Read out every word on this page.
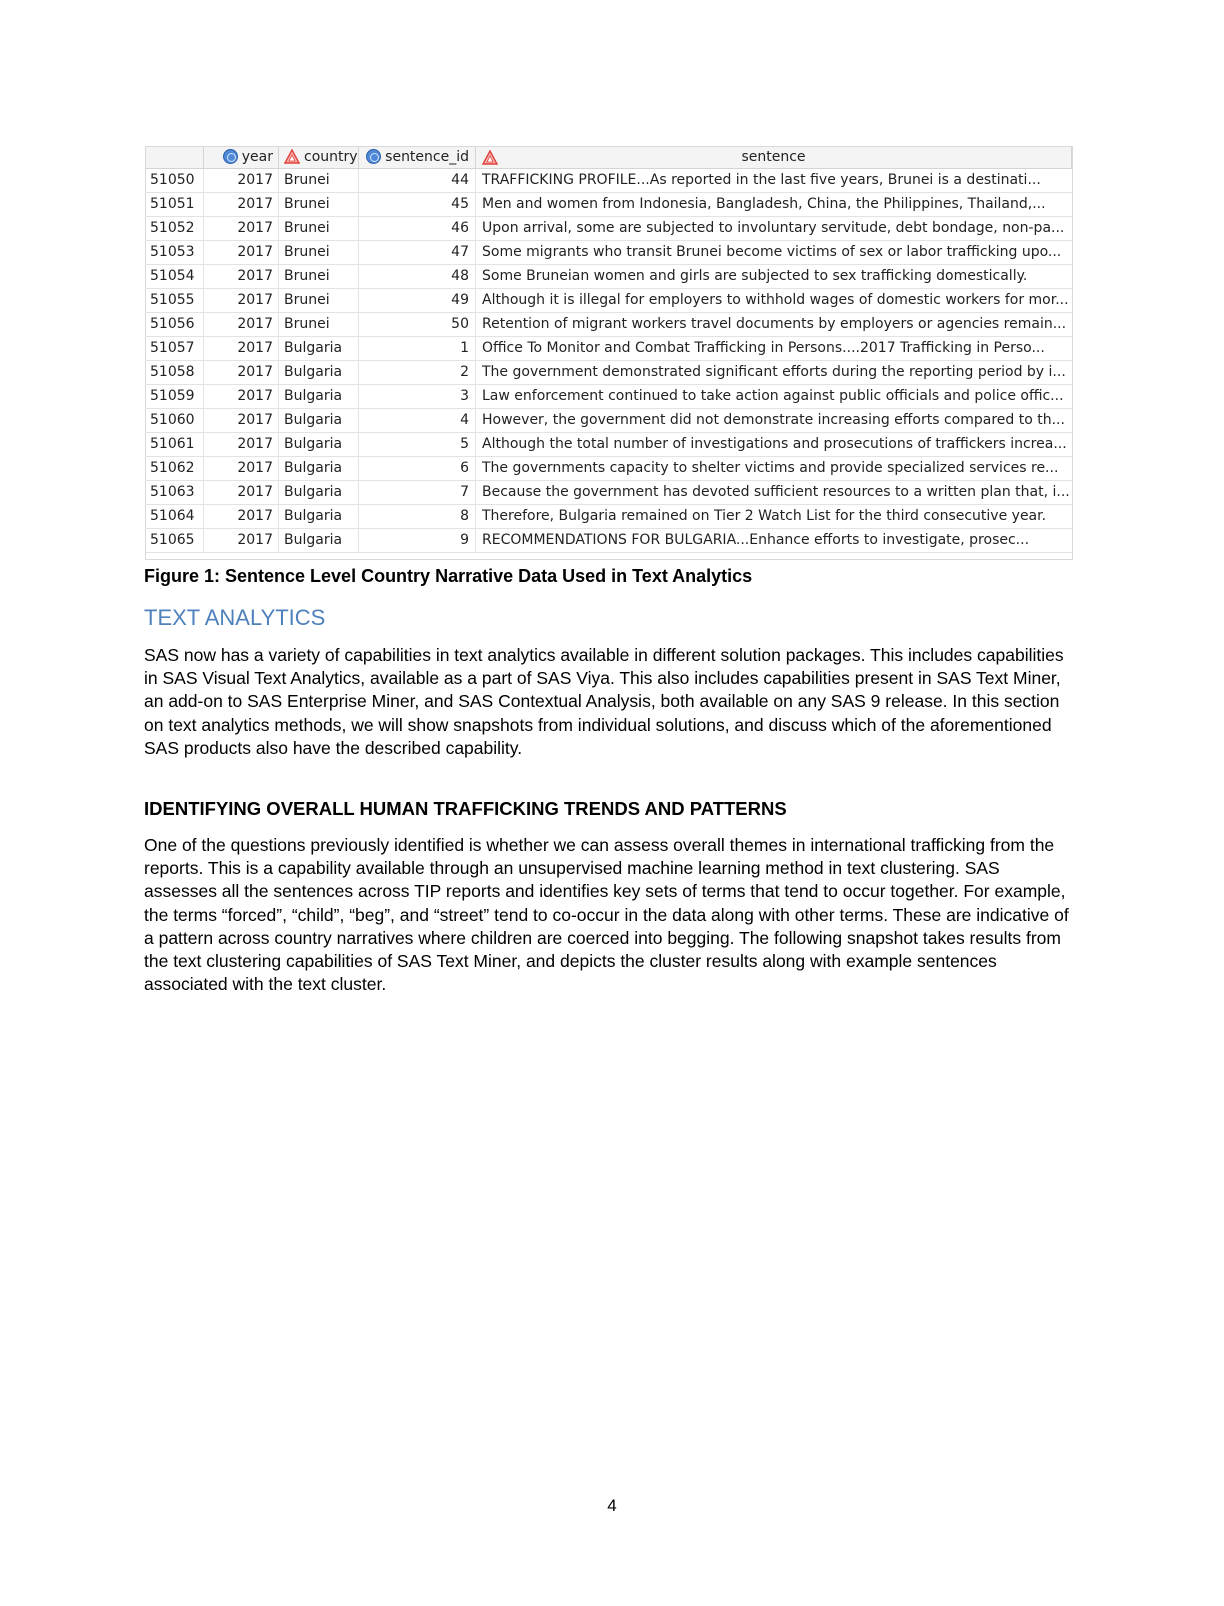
year	country	sentence_id	sentence
51050	2017 Brunei	44 TRAFFICKING PROFILE...As reported in the last five years, Brunei is a destinati...
51051	2017 Brunei	45 Men and women from Indonesia, Bangladesh, China, the Philippines, Thailand,...
51052	2017 Brunei	46 Upon arrival, some are subjected to involuntary servitude, debt bondage, non-pa...
51053	2017 Brunei	47 Some migrants who transit Brunei become victims of sex or labor trafficking upo...
51054	2017 Brunei	48 Some Bruneian women and girls are subjected to sex trafficking domestically.
51055	2017 Brunei	49 Although it is illegal for employers to withhold wages of domestic workers for mor...
51056	2017 Brunei	50 Retention of migrant workers travel documents by employers or agencies remain...
51057	2017 Bulgaria	1 Office To Monitor and Combat Trafficking in Persons....2017 Trafficking in Perso...
51058	2017 Bulgaria	2 The government demonstrated significant efforts during the reporting period by i...
51059	2017 Bulgaria	3 Law enforcement continued to take action against public officials and police offic...
51060	2017 Bulgaria	4 However, the government did not demonstrate increasing efforts compared to th...
51061	2017 Bulgaria	5 Although the total number of investigations and prosecutions of traffickers increa...
51062	2017 Bulgaria	6 The governments capacity to shelter victims and provide specialized services re...
51063	2017 Bulgaria	7 Because the government has devoted sufficient resources to a written plan that, i...
51064	2017 Bulgaria	8 Therefore, Bulgaria remained on Tier 2 Watch List for the third consecutive year.
51065	2017 Bulgaria	9 RECOMMENDATIONS FOR BULGARIA...Enhance efforts to investigate, prosec...
Figure 1: Sentence Level Country Narrative Data Used in Text Analytics
TEXT ANALYTICS
SAS now has a variety of capabilities in text analytics available in different solution packages. This includes capabilities in SAS Visual Text Analytics, available as a part of SAS Viya. This also includes capabilities present in SAS Text Miner, an add-on to SAS Enterprise Miner, and SAS Contextual Analysis, both available on any SAS 9 release. In this section on text analytics methods, we will show snapshots from individual solutions, and discuss which of the aforementioned SAS products also have the described capability.
IDENTIFYING OVERALL HUMAN TRAFFICKING TRENDS AND PATTERNS
One of the questions previously identified is whether we can assess overall themes in international trafficking from the reports. This is a capability available through an unsupervised machine learning method in text clustering. SAS assesses all the sentences across TIP reports and identifies key sets of terms that tend to occur together. For example, the terms “forced”, “child”, “beg”, and “street” tend to co-occur in the data along with other terms. These are indicative of a pattern across country narratives where children are coerced into begging. The following snapshot takes results from the text clustering capabilities of SAS Text Miner, and depicts the cluster results along with example sentences associated with the text cluster.
4
